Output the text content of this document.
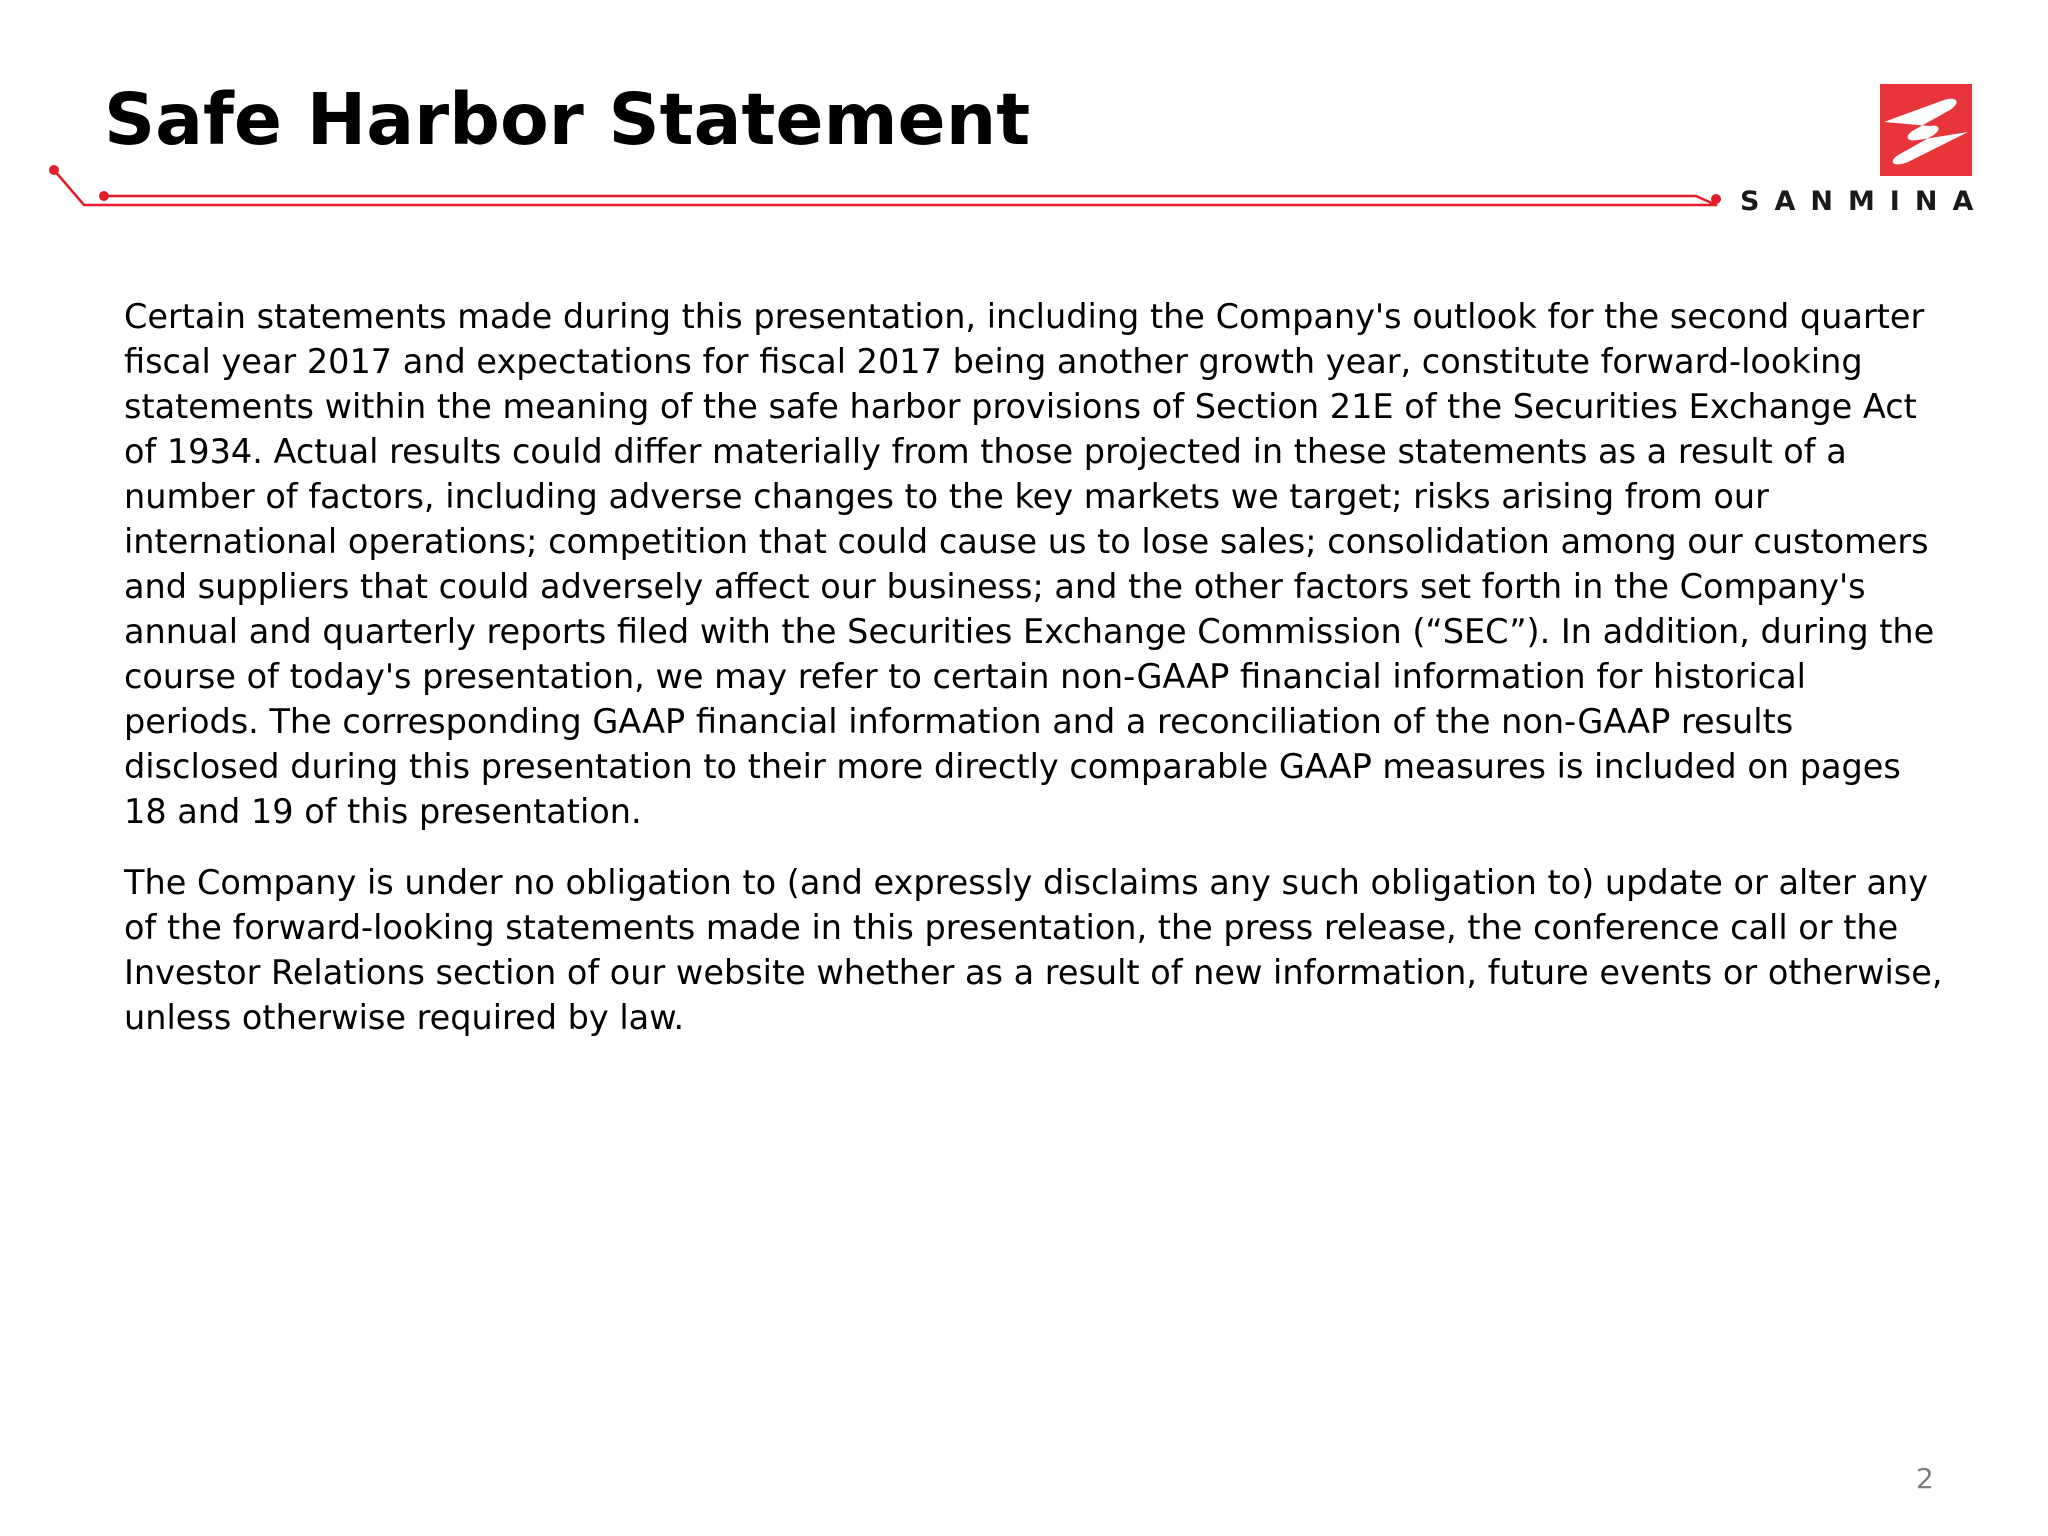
Safe Harbor Statement
SANMINA

Certain statements made during this presentation, including the Company's outlook for the second quarter fiscal year 2017 and expectations for fiscal 2017 being another growth year, constitute forward-looking statements within the meaning of the safe harbor provisions of Section 21E of the Securities Exchange Act of 1934. Actual results could differ materially from those projected in these statements as a result of a number of factors, including adverse changes to the key markets we target; risks arising from our international operations; competition that could cause us to lose sales; consolidation among our customers and suppliers that could adversely affect our business; and the other factors set forth in the Company's annual and quarterly reports filed with the Securities Exchange Commission (“SEC”). In addition, during the course of today's presentation, we may refer to certain non-GAAP financial information for historical periods. The corresponding GAAP financial information and a reconciliation of the non-GAAP results disclosed during this presentation to their more directly comparable GAAP measures is included on pages 18 and 19 of this presentation.

The Company is under no obligation to (and expressly disclaims any such obligation to) update or alter any of the forward-looking statements made in this presentation, the press release, the conference call or the Investor Relations section of our website whether as a result of new information, future events or otherwise, unless otherwise required by law.

2
